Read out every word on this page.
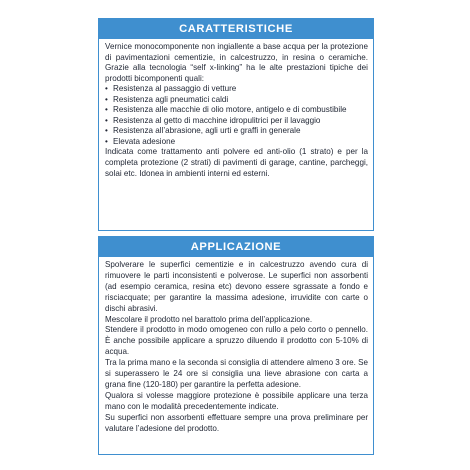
CARATTERISTICHE

Vernice monocomponente non ingiallente a base acqua per la protezione di pavimentazioni cementizie, in calcestruzzo, in resina o ceramiche. Grazie alla tecnologia “self x-linking” ha le alte prestazioni tipiche dei prodotti bicomponenti quali:

• Resistenza al passaggio di vetture
• Resistenza agli pneumatici caldi
• Resistenza alle macchie di olio motore, antigelo e di combustibile
• Resistenza al getto di macchine idropulitrici per il lavaggio
• Resistenza all’abrasione, agli urti e graffi in generale
• Elevata adesione

Indicata come trattamento anti polvere ed anti-olio (1 strato) e per la completa protezione (2 strati) di pavimenti di garage, cantine, parcheggi, solai etc. Idonea in ambienti interni ed esterni.

APPLICAZIONE

Spolverare le superfici cementizie e in calcestruzzo avendo cura di rimuovere le parti inconsistenti e polverose. Le superfici non assorbenti (ad esempio ceramica, resina etc) devono essere sgrassate a fondo e risciacquate; per garantire la massima adesione, irruvidite con carte o dischi abrasivi.

Mescolare il prodotto nel barattolo prima dell’applicazione.

Stendere il prodotto in modo omogeneo con rullo a pelo corto o pennello. È anche possibile applicare a spruzzo diluendo il prodotto con 5-10% di acqua.

Tra la prima mano e la seconda si consiglia di attendere almeno 3 ore. Se si superassero le 24 ore si consiglia una lieve abrasione con carta a grana fine (120-180) per garantire la perfetta adesione.

Qualora si volesse maggiore protezione è possibile applicare una terza mano con le modalità precedentemente indicate.

Su superfici non assorbenti effettuare sempre una prova preliminare per valutare l’adesione del prodotto.
